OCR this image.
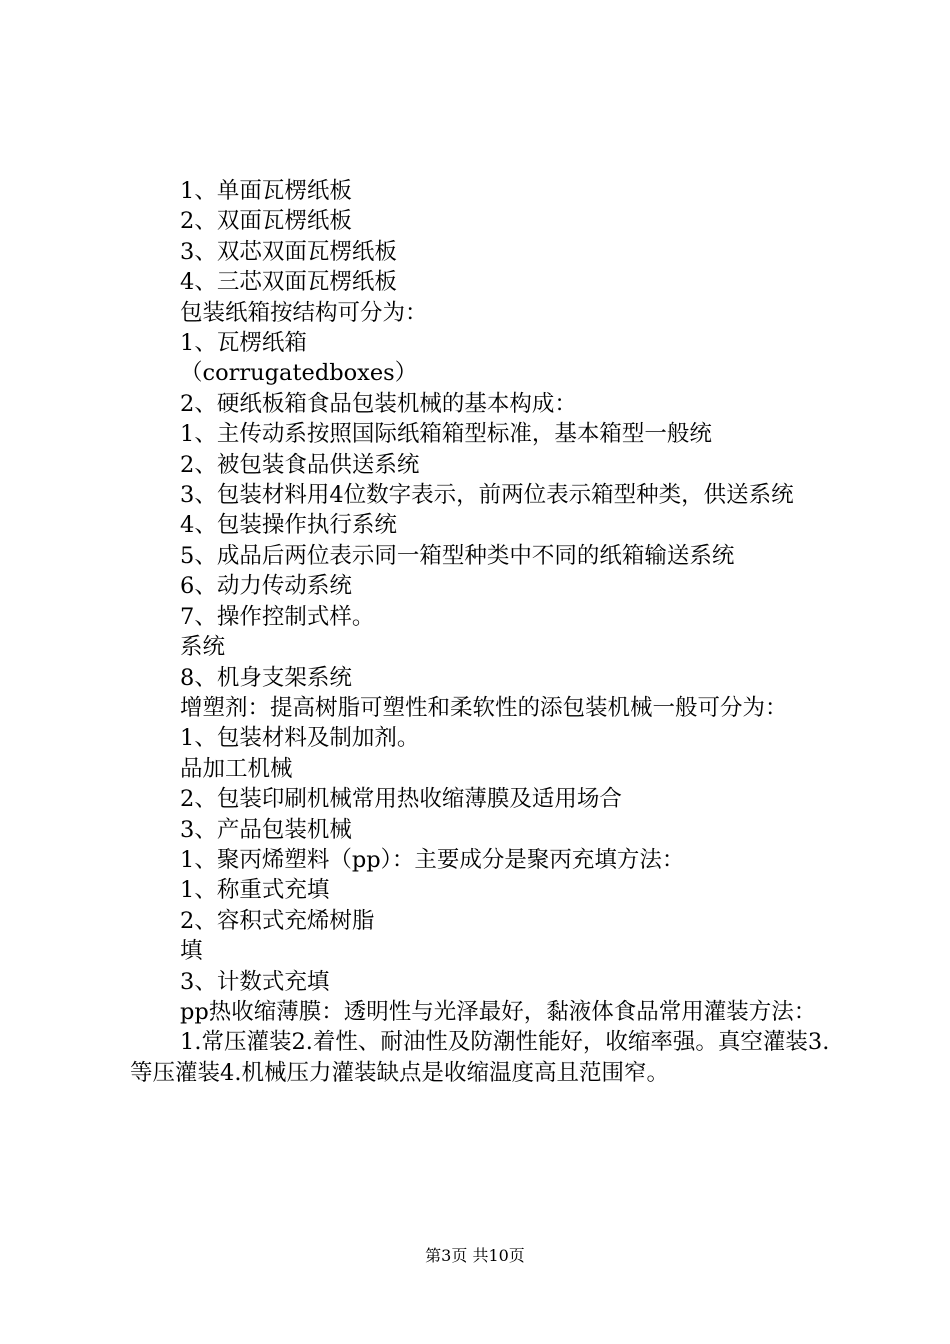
1、单面瓦楞纸板

2、双面瓦楞纸板

3、双芯双面瓦楞纸板

4、三芯双面瓦楞纸板

包装纸箱按结构可分为：

1、瓦楞纸箱

（corrugatedboxes）

2、硬纸板箱食品包装机械的基本构成：

1、主传动系按照国际纸箱箱型标准，基本箱型一般统

2、被包装食品供送系统

3、包装材料用4位数字表示，前两位表示箱型种类，供送系统

4、包装操作执行系统

5、成品后两位表示同一箱型种类中不同的纸箱输送系统

6、动力传动系统

7、操作控制式样。

系统

8、机身支架系统

增塑剂：提高树脂可塑性和柔软性的添包装机械一般可分为：

1、包装材料及制加剂。

品加工机械

2、包装印刷机械常用热收缩薄膜及适用场合

3、产品包装机械

1、聚丙烯塑料（pp）：主要成分是聚丙充填方法：

1、称重式充填

2、容积式充烯树脂

填

3、计数式充填

pp热收缩薄膜：透明性与光泽最好，黏液体食品常用灌装方法：

1.常压灌装2.着性、耐油性及防潮性能好，收缩率强。真空灌装3.等压灌装4.机械压力灌装缺点是收缩温度高且范围窄。

第3页 共10页
